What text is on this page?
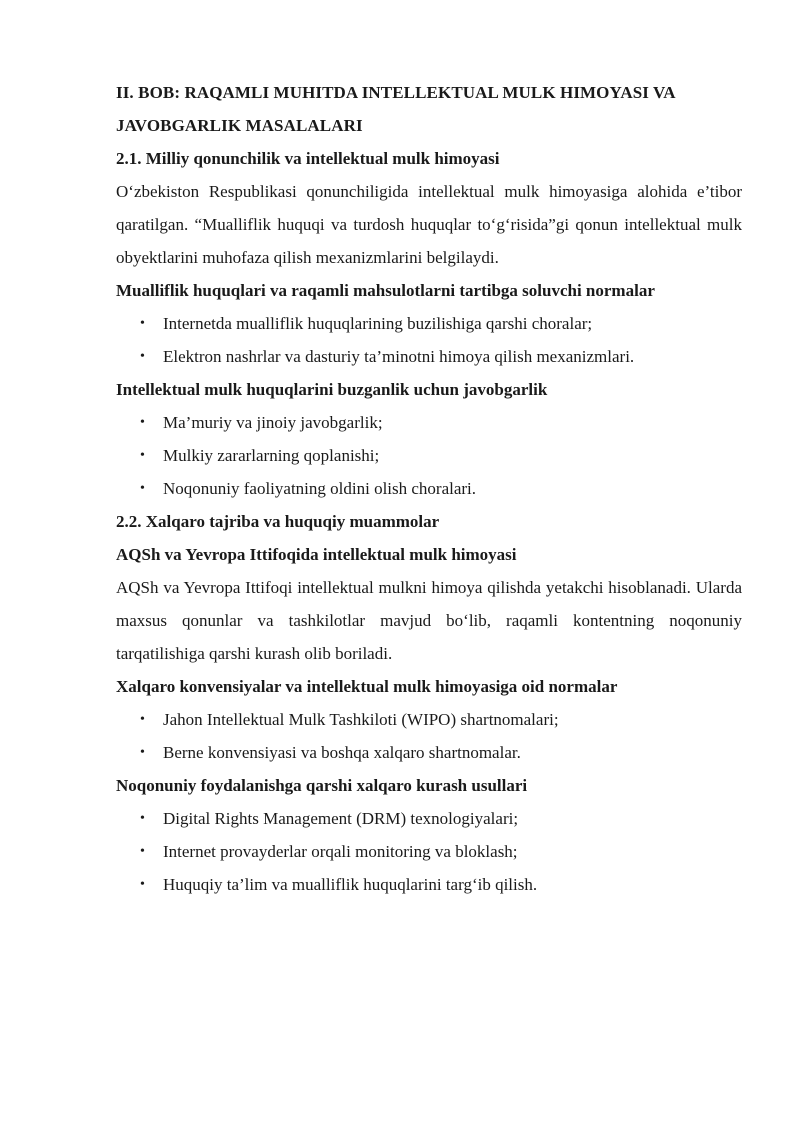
II. BOB: RAQAMLI MUHITDA INTELLEKTUAL MULK HIMOYASI VA JAVOBGARLIK MASALALARI
2.1. Milliy qonunchilik va intellektual mulk himoyasi

O‘zbekiston Respublikasi qonunchiligida intellektual mulk himoyasiga alohida e’tibor qaratilgan. “Mualliflik huquqi va turdosh huquqlar to‘g‘risida”gi qonun intellektual mulk obyektlarini muhofaza qilish mexanizmlarini belgilaydi.

Mualliflik huquqlari va raqamli mahsulotlarni tartibga soluvchi normalar
• Internetda mualliflik huquqlarining buzilishiga qarshi choralar;
• Elektron nashrlar va dasturiy ta’minotni himoya qilish mexanizmlari.
Intellektual mulk huquqlarini buzganlik uchun javobgarlik
• Ma’muriy va jinoiy javobgarlik;
• Mulkiy zararlarning qoplanishi;
• Noqonuniy faoliyatning oldini olish choralari.
2.2. Xalqaro tajriba va huquqiy muammolar
AQSh va Yevropa Ittifoqida intellektual mulk himoyasi

AQSh va Yevropa Ittifoqi intellektual mulkni himoya qilishda yetakchi hisoblanadi. Ularda maxsus qonunlar va tashkilotlar mavjud bo‘lib, raqamli kontentning noqonuniy tarqatilishiga qarshi kurash olib boriladi.

Xalqaro konvensiyalar va intellektual mulk himoyasiga oid normalar
• Jahon Intellektual Mulk Tashkiloti (WIPO) shartnomalari;
• Berne konvensiyasi va boshqa xalqaro shartnomalar.
Noqonuniy foydalanishga qarshi xalqaro kurash usullari
• Digital Rights Management (DRM) texnologiyalari;
• Internet provayderlar orqali monitoring va bloklash;
• Huquqiy ta’lim va mualliflik huquqlarini targ‘ib qilish.
